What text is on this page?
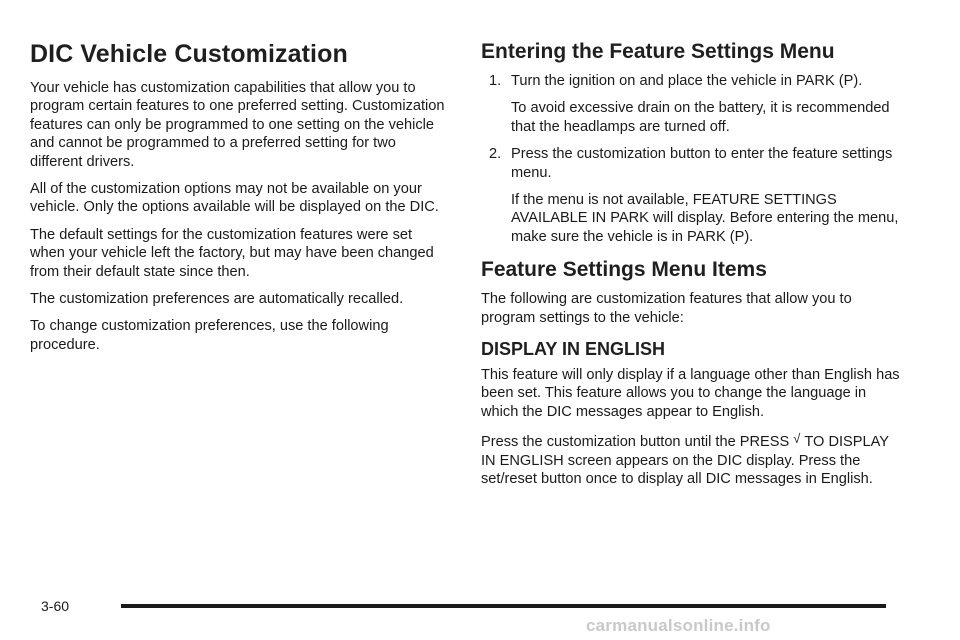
DIC Vehicle Customization

Your vehicle has customization capabilities that allow you to program certain features to one preferred setting. Customization features can only be programmed to one setting on the vehicle and cannot be programmed to a preferred setting for two different drivers.

All of the customization options may not be available on your vehicle. Only the options available will be displayed on the DIC.

The default settings for the customization features were set when your vehicle left the factory, but may have been changed from their default state since then.

The customization preferences are automatically recalled.

To change customization preferences, use the following procedure.

Entering the Feature Settings Menu
1. Turn the ignition on and place the vehicle in PARK (P).

To avoid excessive drain on the battery, it is recommended that the headlamps are turned off.

2. Press the customization button to enter the feature settings menu.

If the menu is not available, FEATURE SETTINGS AVAILABLE IN PARK will display. Before entering the menu, make sure the vehicle is in PARK (P).

Feature Settings Menu Items

The following are customization features that allow you to program settings to the vehicle:

DISPLAY IN ENGLISH

This feature will only display if a language other than English has been set. This feature allows you to change the language in which the DIC messages appear to English.

Press the customization button until the PRESS √ TO DISPLAY IN ENGLISH screen appears on the DIC display. Press the set/reset button once to display all DIC messages in English.

3-60
carmanualsonline.info
